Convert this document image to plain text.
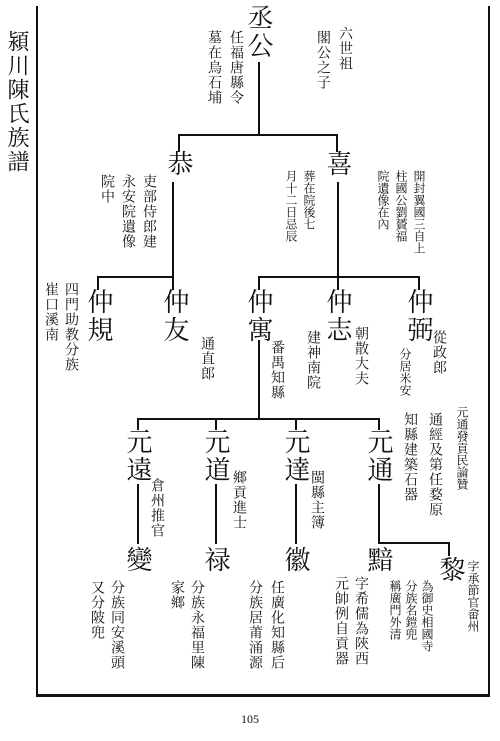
潁川陳氏族譜	丞公	六世祖
閣公之子
任福唐縣令
墓在烏石埔
恭
吏部侍郎建
永安院遺像
院中
喜
開封翼國三自上
柱國公劉贇福
院遺像在內
葬在院後七
月十二日忌辰
仲規
四門助教分族
崔口溪南	仲友
通直郎
仲寓
番禺知縣
仲志
朝散大夫
建神南院
仲弼
從政郎
分居米安
元遠
倉州推官
元道
鄉貢進士
元達
閩縣主簿
元通	元通發貢民論贊
通經及第任婺原
知縣建築石器
變
分族同安溪頭
又分陂兜
禄
分族永福里陳
家鄉
徽
分族居莆涌源 任廣化知縣后
黯
字希儒為陝西
元帥例自貢器
黎 字承節官畲州
為御史相國寺
分族名鎧兜
稱廣門外清
105
